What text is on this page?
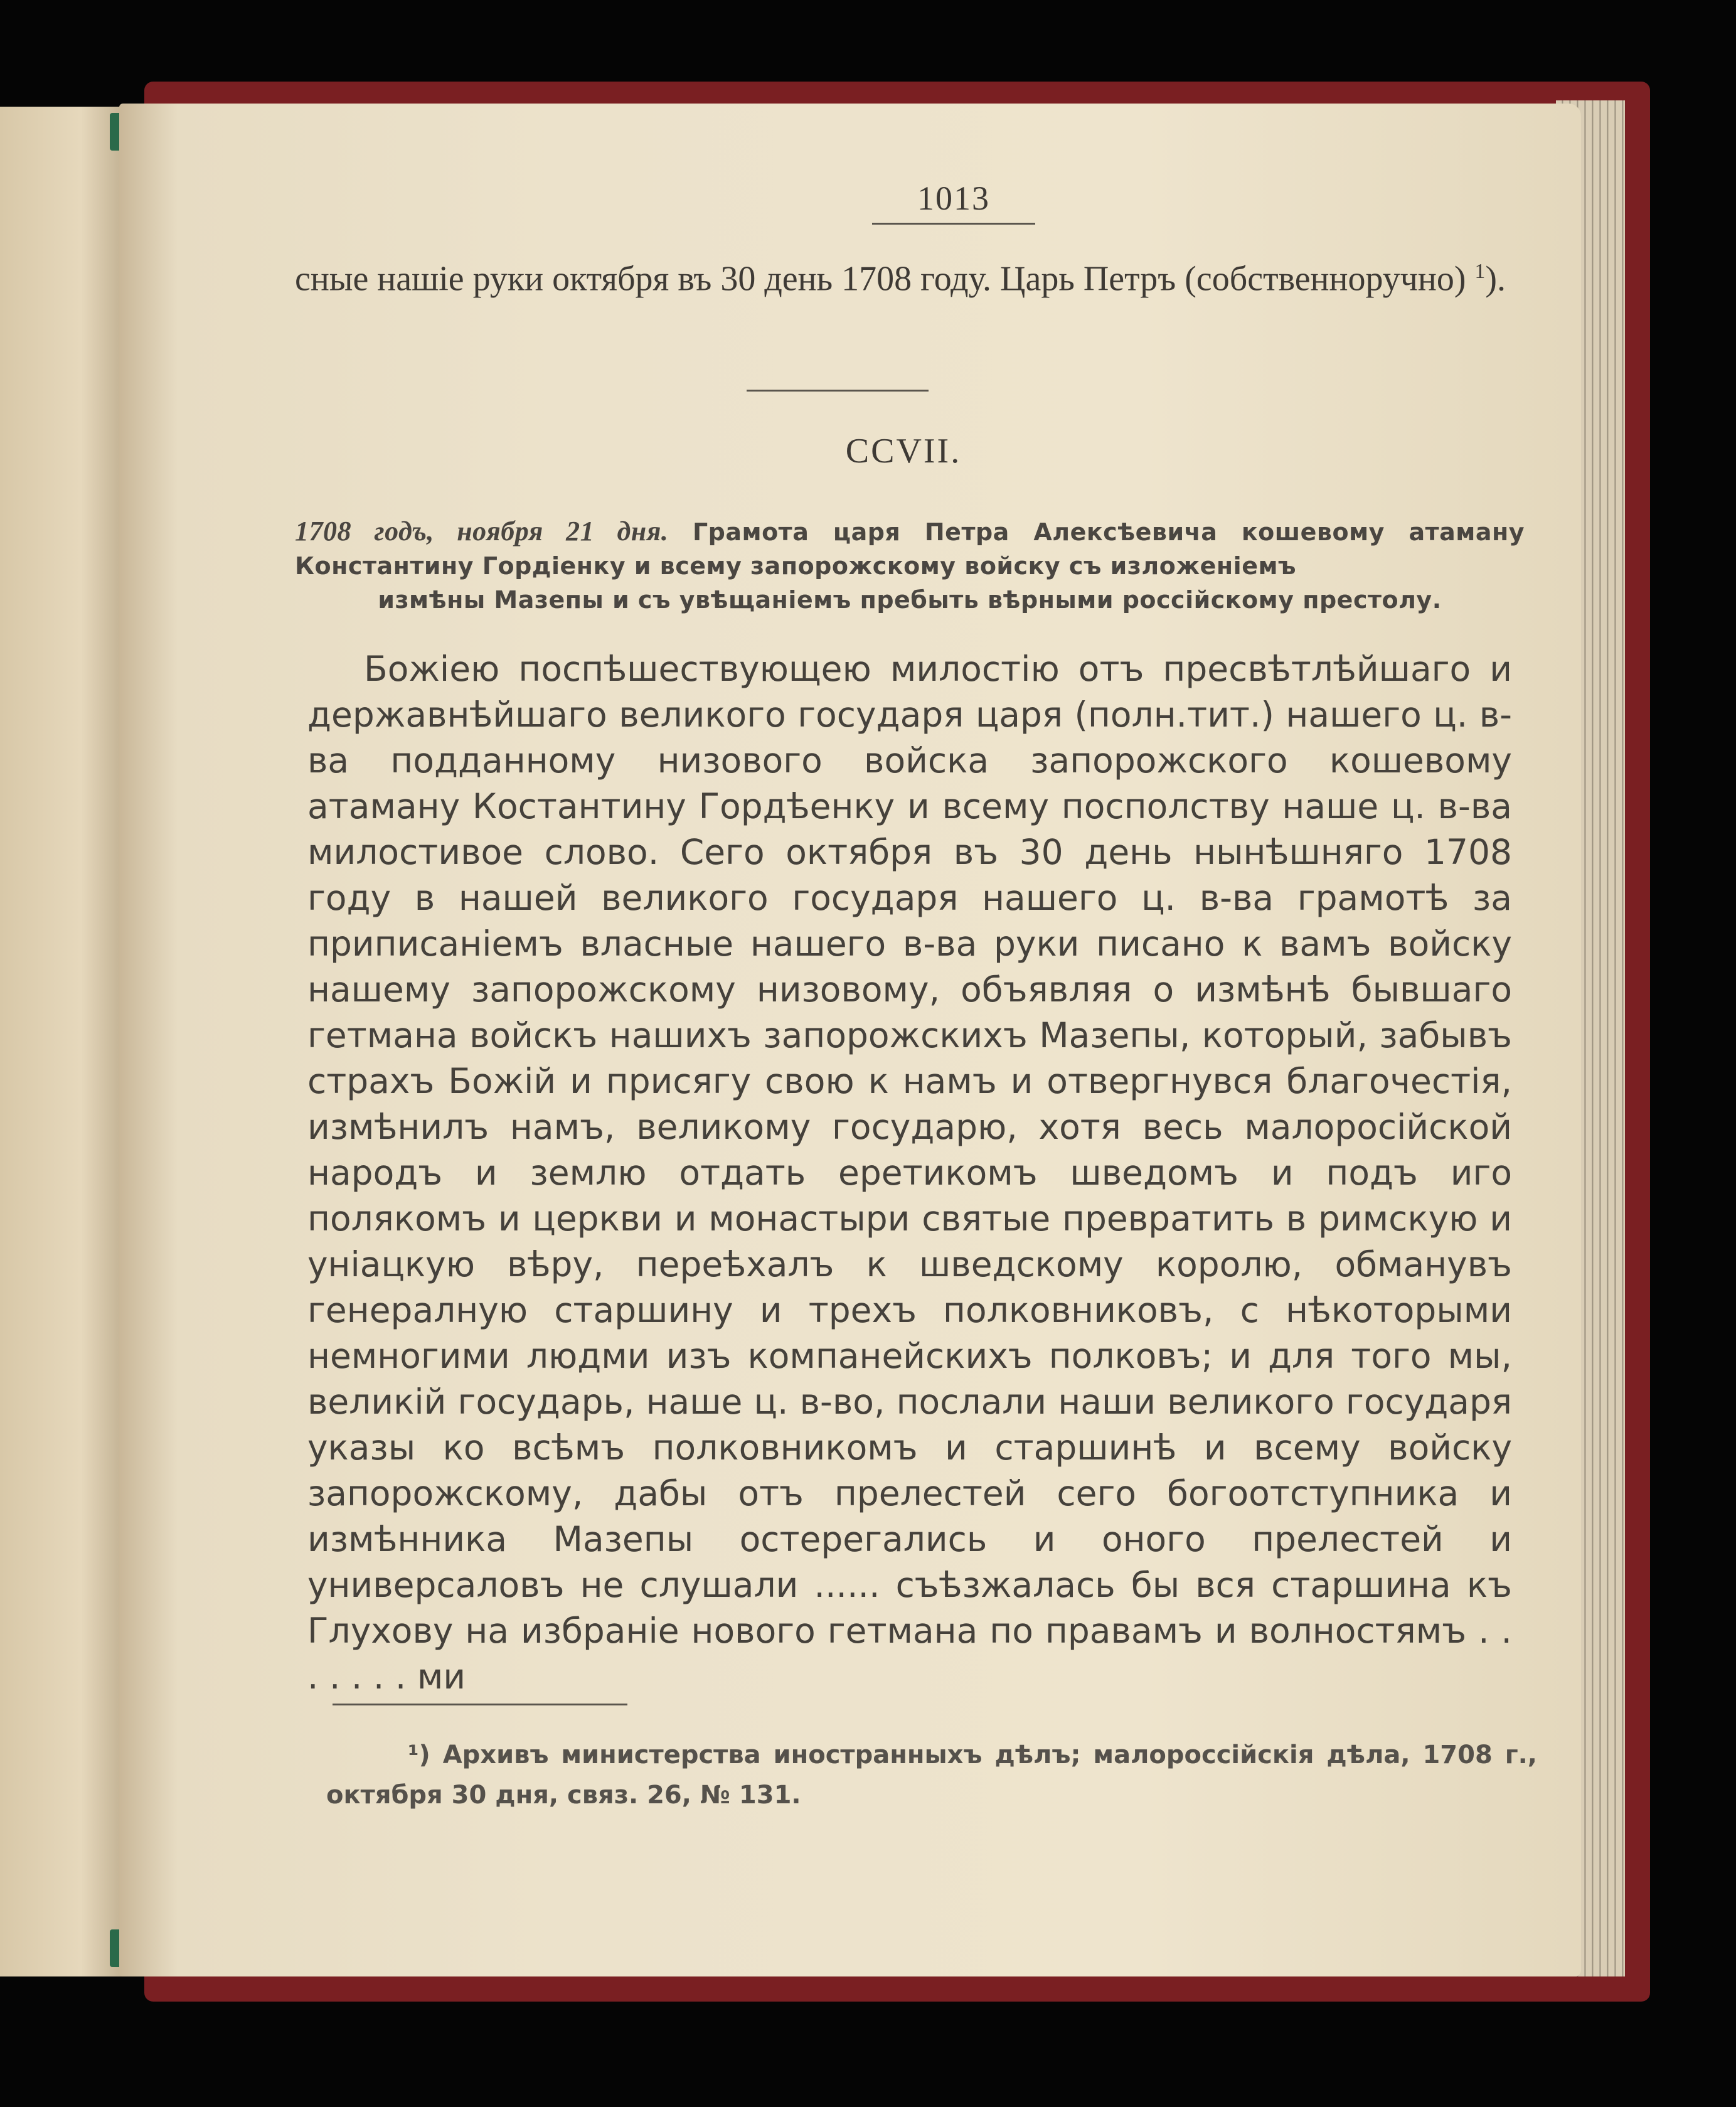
1013
сные нашіе руки октября въ 30 день 1708 году. Царь Петръ (собственноручно) $^1$).
CCVII.
1708 годъ, ноября 21 дня. Грамота царя Петра Алексѣевича кошевому атаману Константину Гордіенку и всему запорожскому войску съ изложеніемъ
измѣны Мазепы и съ увѣщаніемъ пребыть вѣрными россійскому престолу.
Божіею поспѣшествующею милостію отъ пресвѣтлѣйшаго и державнѣйшаго великого государя царя (полн.тит.) нашего ц. в-ва подданному низового войска запорожского кошевому атаману Костантину Гордѣенку и всему посполству наше ц. в-ва милостивое слово. Сего октября въ 30 день нынѣшняго 1708 году в нашей великого государя нашего ц. в-ва грамотѣ за приписаніемъ власные нашего в-ва руки писано к вамъ войску нашему запорожскому низовому, объявляя о измѣнѣ бывшаго гетмана войскъ нашихъ запорожскихъ Мазепы, который, забывъ страхъ Божій и присягу свою к намъ и отвергнувся благочестія, измѣнилъ намъ, великому государю, хотя весь малоросійской народъ и землю отдать еретикомъ шведомъ и подъ иго полякомъ и церкви и монастыри святые превратить в римскую и уніацкую вѣру, переѣхалъ к шведскому королю, обманувъ генералную старшину и трехъ полковниковъ, с нѣкоторыми немногими людми изъ компанейскихъ полковъ; и для того мы, великій государь, наше ц. в-во, послали наши великого государя указы ко всѣмъ полковникомъ и старшинѣ и всему войску запорожскому, дабы отъ прелестей сего богоотступника и измѣнника Мазепы остерегались и оного прелестей и универсаловъ не слушали ...... съѣзжалась бы вся старшина къ Глухову на избраніе нового гетмана по правамъ и волностямъ . . . . . . . ми
¹) Архивъ министерства иностранныхъ дѣлъ; малороссійскія дѣла, 1708 г., октября 30 дня, связ. 26, № 131.
